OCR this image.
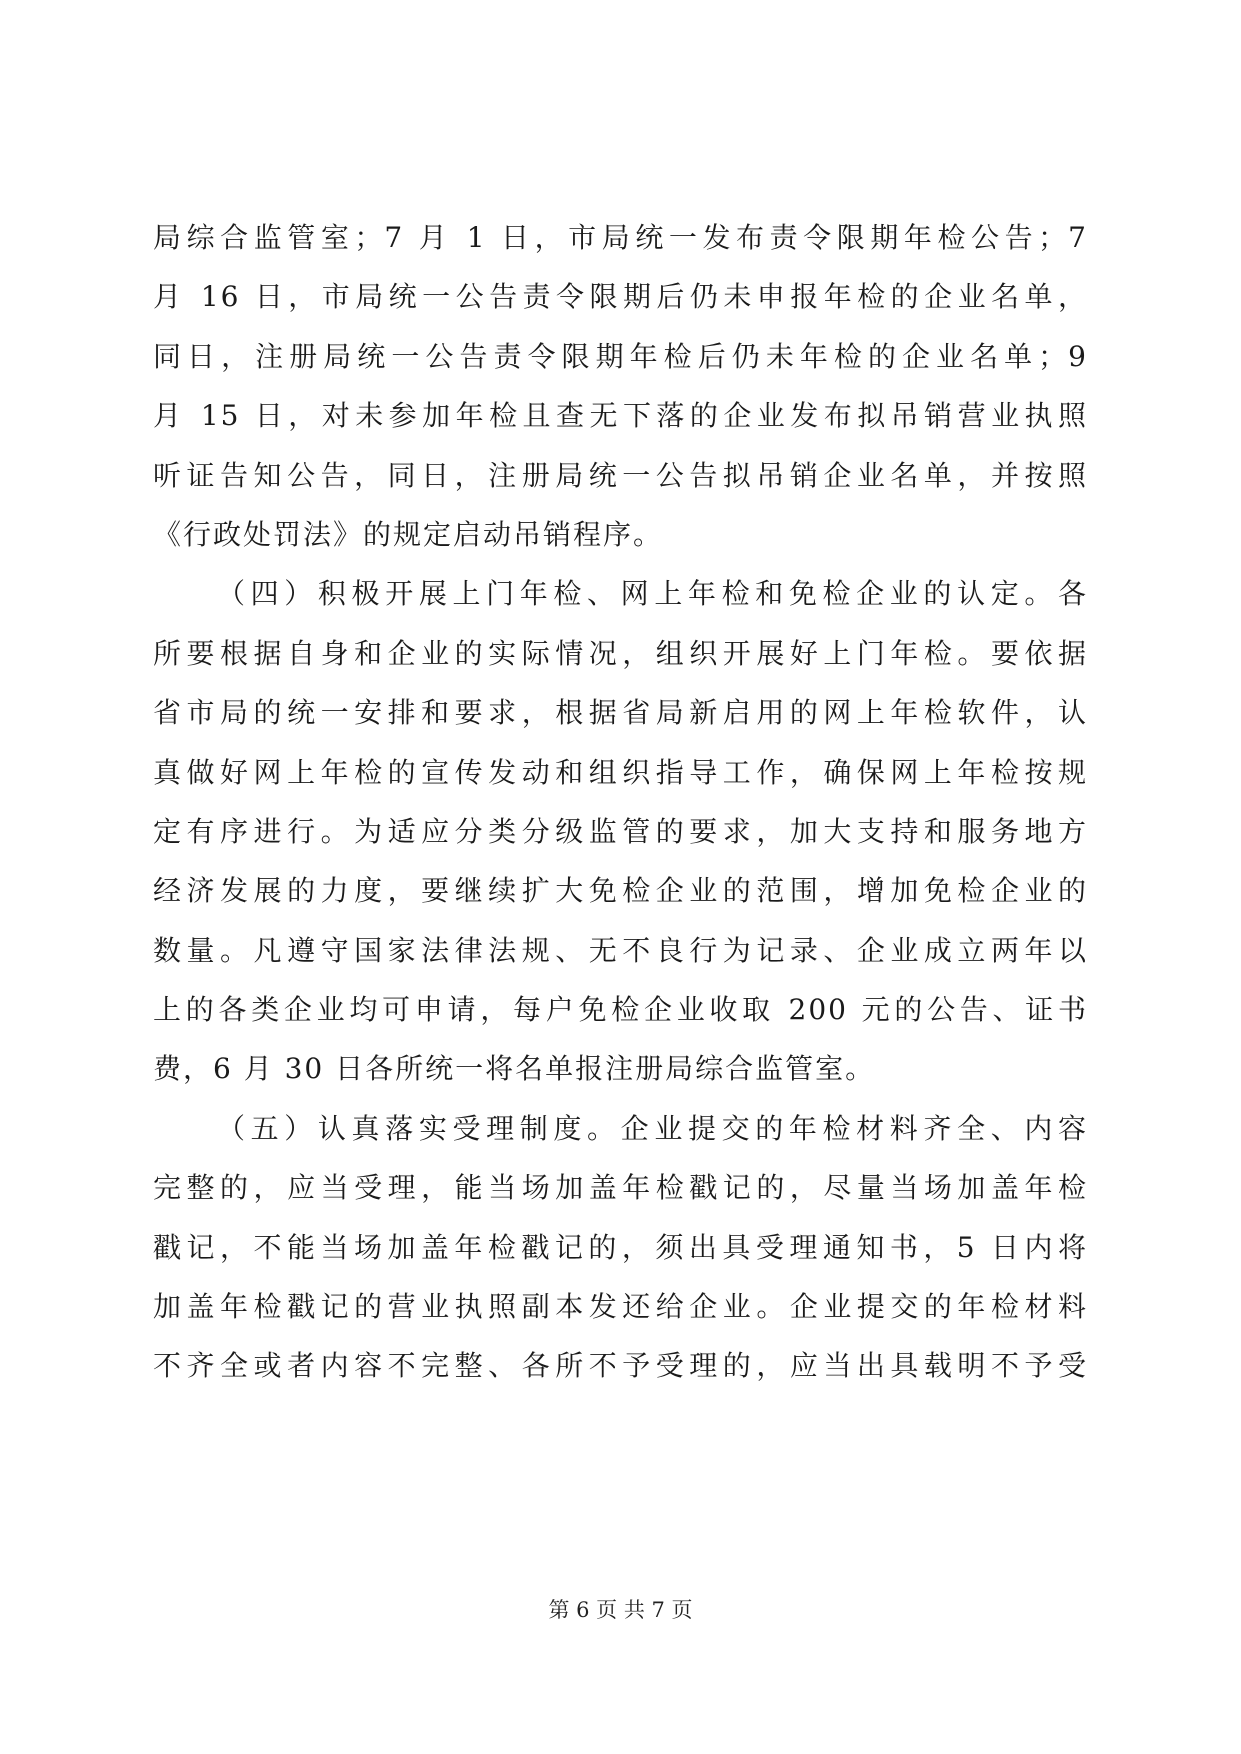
局综合监管室；7 月 1 日，市局统一发布责令限期年检公告；7
月 16 日，市局统一公告责令限期后仍未申报年检的企业名单，
同日，注册局统一公告责令限期年检后仍未年检的企业名单；9
月 15 日，对未参加年检且查无下落的企业发布拟吊销营业执照
听证告知公告，同日，注册局统一公告拟吊销企业名单，并按照
《行政处罚法》的规定启动吊销程序。
（四）积极开展上门年检、网上年检和免检企业的认定。各
所要根据自身和企业的实际情况，组织开展好上门年检。要依据
省市局的统一安排和要求，根据省局新启用的网上年检软件，认
真做好网上年检的宣传发动和组织指导工作，确保网上年检按规
定有序进行。为适应分类分级监管的要求，加大支持和服务地方
经济发展的力度，要继续扩大免检企业的范围，增加免检企业的
数量。凡遵守国家法律法规、无不良行为记录、企业成立两年以
上的各类企业均可申请，每户免检企业收取 200 元的公告、证书
费，6 月 30 日各所统一将名单报注册局综合监管室。
（五）认真落实受理制度。企业提交的年检材料齐全、内容
完整的，应当受理，能当场加盖年检戳记的，尽量当场加盖年检
戳记，不能当场加盖年检戳记的，须出具受理通知书，5 日内将
加盖年检戳记的营业执照副本发还给企业。企业提交的年检材料
不齐全或者内容不完整、各所不予受理的，应当出具载明不予受
第 6 页 共 7 页
